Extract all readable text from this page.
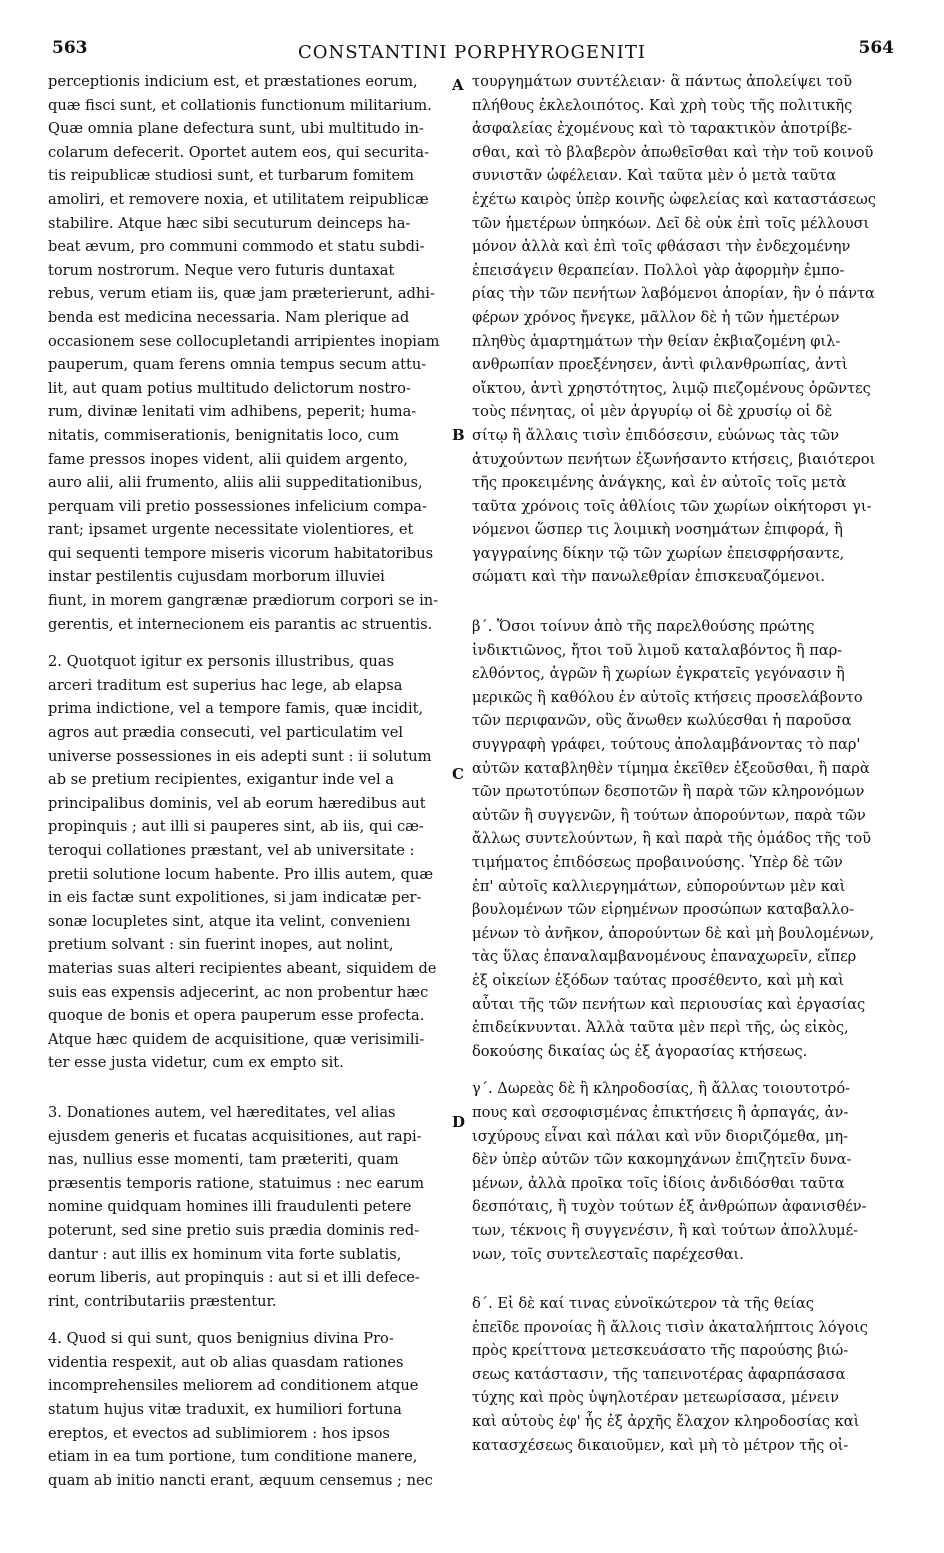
563	CONSTANTINI PORPHYROGENITI	564
perceptionis indicium est, et præstationes eorum,
quæ fisci sunt, et collationis functionum militarium.
Quæ omnia plane defectura sunt, ubi multitudo in-
colarum defecerit. Oportet autem eos, qui securita-
tis reipublicæ studiosi sunt, et turbarum fomitem
amoliri, et removere noxia, et utilitatem reipublicæ
stabilire. Atque hæc sibi secuturum deinceps ha-
beat ævum, pro communi commodo et statu subdi-
torum nostrorum. Neque vero futuris duntaxat
rebus, verum etiam iis, quæ jam præterierunt, adhi-
benda est medicina necessaria. Nam plerique ad
occasionem sese collocupletandi arripientes inopiam
pauperum, quam ferens omnia tempus secum attu-
lit, aut quam potius multitudo delictorum nostro-
rum, divinæ lenitati vim adhibens, peperit; huma-
nitatis, commiserationis, benignitatis loco, cum
fame pressos inopes vident, alii quidem argento,
auro alii, alii frumento, aliis alii suppeditationibus,
perquam vili pretio possessiones infelicium compa-
rant; ipsamet urgente necessitate violentiores, et
qui sequenti tempore miseris vicorum habitatoribus
instar pestilentis cujusdam morborum illuviei
fiunt, in morem gangrænæ prædiorum corpori se in-
gerentis, et internecionem eis parantis ac struentis.
2. Quotquot igitur ex personis illustribus, quas
arceri traditum est superius hac lege, ab elapsa
prima indictione, vel a tempore famis, quæ incidit,
agros aut prædia consecuti, vel particulatim vel
universe possessiones in eis adepti sunt : ii solutum
ab se pretium recipientes, exigantur inde vel a
principalibus dominis, vel ab eorum hæredibus aut
propinquis ; aut illi si pauperes sint, ab iis, qui cæ-
teroqui collationes præstant, vel ab universitate :
pretii solutione locum habente. Pro illis autem, quæ
in eis factæ sunt expolitiones, si jam indicatæ per-
sonæ locupletes sint, atque ita velint, convenienı
pretium solvant : sin fuerint inopes, aut nolint,
materias suas alteri recipientes abeant, siquidem de
suis eas expensis adjecerint, ac non probentur hæc
quoque de bonis et opera pauperum esse profecta.
Atque hæc quidem de acquisitione, quæ verisimili-
ter esse justa videtur, cum ex empto sit.
3. Donationes autem, vel hæreditates, vel alias
ejusdem generis et fucatas acquisitiones, aut rapi-
nas, nullius esse momenti, tam præteriti, quam
præsentis temporis ratione, statuimus : nec earum
nomine quidquam homines illi fraudulenti petere
poterunt, sed sine pretio suis prædia dominis red-
dantur : aut illis ex hominum vita forte sublatis,
eorum liberis, aut propinquis : aut si et illi defece-
rint, contributariis præstentur.
4. Quod si qui sunt, quos benignius divina Pro-
videntia respexit, aut ob alias quasdam rationes
incomprehensiles meliorem ad conditionem atque
statum hujus vitæ traduxit, ex humiliori fortuna
ereptos, et evectos ad sublimiorem : hos ipsos
etiam in ea tum portione, tum conditione manere,
quam ab initio nancti erant, æquum censemus ; nec
τουργημάτων συντέλειαν· ἃ πάντως ἀπολείψει τοῦ
πλήθους ἐκλελοιπότος. Καὶ χρὴ τοὺς τῆς πολιτικῆς
ἀσφαλείας ἐχομένους καὶ τὸ ταρακτικὸν ἀποτρίβε-
σθαι, καὶ τὸ βλαβερὸν ἀπωθεῖσθαι καὶ τὴν τοῦ κοινοῦ
συνιστᾶν ὠφέλειαν. Καὶ ταῦτα μὲν ὁ μετὰ ταῦτα
ἐχέτω καιρὸς ὑπὲρ κοινῆς ὠφελείας καὶ καταστάσεως
τῶν ἡμετέρων ὑπηκόων. Δεῖ δὲ οὐκ ἐπὶ τοῖς μέλλουσι
μόνον ἀλλὰ καὶ ἐπὶ τοῖς φθάσασι τὴν ἐνδεχομένην
ἐπεισάγειν θεραπείαν. Πολλοὶ γὰρ ἀφορμὴν ἐμπο-
ρίας τὴν τῶν πενήτων λαβόμενοι ἀπορίαν, ἣν ὁ πάντα
φέρων χρόνος ἤνεγκε, μᾶλλον δὲ ἡ τῶν ἡμετέρων
πληθὺς ἁμαρτημάτων τὴν θείαν ἐκβιαζομένη φιλ-
ανθρωπίαν προεξένησεν, ἀντὶ φιλανθρωπίας, ἀντὶ
οἴκτου, ἀντὶ χρηστότητος, λιμῷ πιεζομένους ὁρῶντες
τοὺς πένητας, οἱ μὲν ἀργυρίῳ οἱ δὲ χρυσίῳ οἱ δὲ
σίτῳ ἢ ἄλλαις τισὶν ἐπιδόσεσιν, εὐώνως τὰς τῶν
ἀτυχούντων πενήτων ἐξωνήσαντο κτήσεις, βιαιότεροι
τῆς προκειμένης ἀνάγκης, καὶ ἐν αὐτοῖς τοῖς μετὰ
ταῦτα χρόνοις τοῖς ἀθλίοις τῶν χωρίων οἰκήτορσι γι-
νόμενοι ὥσπερ τις λοιμικὴ νοσημάτων ἐπιφορά, ἢ
γαγγραίνης δίκην τῷ τῶν χωρίων ἐπεισφρήσαντε,
σώματι καὶ τὴν πανωλεθρίαν ἐπισκευαζόμενοι.
β΄. Ὅσοι τοίνυν ἀπὸ τῆς παρελθούσης πρώτης
ἰνδικτιῶνος, ἤτοι τοῦ λιμοῦ καταλαβόντος ἢ παρ-
ελθόντος, ἀγρῶν ἢ χωρίων ἐγκρατεῖς γεγόνασιν ἢ
μερικῶς ἢ καθόλου ἐν αὐτοῖς κτήσεις προσελάβοντο
τῶν περιφανῶν, οὓς ἄνωθεν κωλύεσθαι ἡ παροῦσα
συγγραφὴ γράφει, τούτους ἀπολαμβάνοντας τὸ παρ'
αὐτῶν καταβληθὲν τίμημα ἐκεῖθεν ἐξεοῦσθαι, ἢ παρὰ
τῶν πρωτοτύπων δεσποτῶν ἢ παρὰ τῶν κληρονόμων
αὐτῶν ἢ συγγενῶν, ἢ τούτων ἀπορούντων, παρὰ τῶν
ἄλλως συντελούντων, ἢ καὶ παρὰ τῆς ὁμάδος τῆς τοῦ
τιμήματος ἐπιδόσεως προβαινούσης. Ὑπὲρ δὲ τῶν
ἐπ' αὐτοῖς καλλιεργημάτων, εὐπορούντων μὲν καὶ
βουλομένων τῶν εἰρημένων προσώπων καταβαλλο-
μένων τὸ ἀνῆκον, ἀπορούντων δὲ καὶ μὴ βουλομένων,
τὰς ὕλας ἐπαναλαμβανομένους ἐπαναχωρεῖν, εἴπερ
ἐξ οἰκείων ἐξόδων ταύτας προσέθεντο, καὶ μὴ καὶ
αὗται τῆς τῶν πενήτων καὶ περιουσίας καὶ ἐργασίας
ἐπιδείκνυνται. Ἀλλὰ ταῦτα μὲν περὶ τῆς, ὡς εἰκὸς,
δοκούσης δικαίας ὡς ἐξ ἀγορασίας κτήσεως.
γ΄. Δωρεὰς δὲ ἢ κληροδοσίας, ἢ ἄλλας τοιουτοτρό-
πους καὶ σεσοφισμένας ἐπικτήσεις ἢ ἁρπαγάς, ἀν-
ισχύρους εἶναι καὶ πάλαι καὶ νῦν διοριζόμεθα, μη-
δὲν ὑπὲρ αὐτῶν τῶν κακομηχάνων ἐπιζητεῖν δυνα-
μένων, ἀλλὰ προῖκα τοῖς ἰδίοις ἀνδιδόσθαι ταῦτα
δεσπόταις, ἢ τυχὸν τούτων ἐξ ἀνθρώπων ἀφανισθέν-
των, τέκνοις ἢ συγγενέσιν, ἢ καὶ τούτων ἀπολλυμέ-
νων, τοῖς συντελεσταῖς παρέχεσθαι.
δ΄. Εἰ δὲ καί τινας εὐνοϊκώτερον τὰ τῆς θείας
ἐπεῖδε προνοίας ἢ ἄλλοις τισὶν ἀκαταλήπτοις λόγοις
πρὸς κρείττονα μετεσκευάσατο τῆς παρούσης βιώ-
σεως κατάστασιν, τῆς ταπεινοτέρας ἀφαρπάσασα
τύχης καὶ πρὸς ὑψηλοτέραν μετεωρίσασα, μένειν
καὶ αὐτοὺς ἐφ' ἧς ἐξ ἀρχῆς ἔλαχον κληροδοσίας καὶ
κατασχέσεως δικαιοῦμεν, καὶ μὴ τὸ μέτρον τῆς οἰ-
A
B
C
D
